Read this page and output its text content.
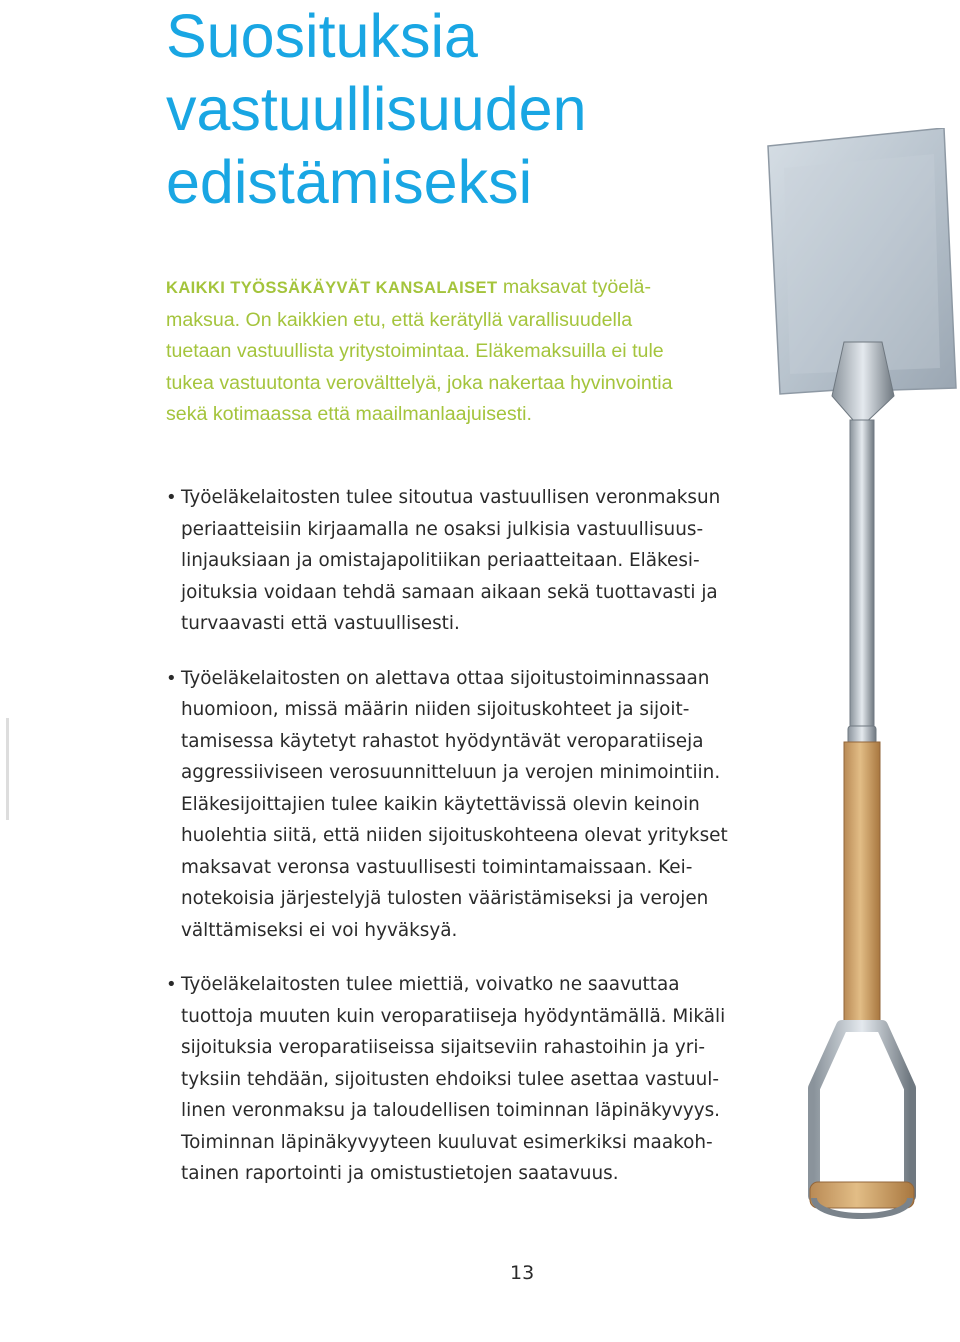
Suosituksia
vastuullisuuden
edistämiseksi
KAIKKI TYÖSSÄKÄYVÄT KANSALAISET maksavat työelä-
maksua. On kaikkien etu, että kerätyllä varallisuudella
tuetaan vastuullista yritystoimintaa. Eläkemaksuilla ei tule
tukea vastuutonta verovälttelyä, joka nakertaa hyvinvointia
sekä kotimaassa että maailmanlaajuisesti.
• Työeläkelaitosten tulee sitoutua vastuullisen veronmaksun
periaatteisiin kirjaamalla ne osaksi julkisia vastuullisuus-
linjauksiaan ja omistajapolitiikan periaatteitaan. Eläkesi-
joituksia voidaan tehdä samaan aikaan sekä tuottavasti ja
turvaavasti että vastuullisesti.
• Työeläkelaitosten on alettava ottaa sijoitustoiminnassaan
huomioon, missä määrin niiden sijoituskohteet ja sijoit-
tamisessa käytetyt rahastot hyödyntävät veroparatiiseja
aggressiiviseen verosuunnitteluun ja verojen minimointiin.
Eläkesijoittajien tulee kaikin käytettävissä olevin keinoin
huolehtia siitä, että niiden sijoituskohteena olevat yritykset
maksavat veronsa vastuullisesti toimintamaissaan. Kei-
notekoisia järjestelyjä tulosten vääristämiseksi ja verojen
välttämiseksi ei voi hyväksyä.
• Työeläkelaitosten tulee miettiä, voivatko ne saavuttaa
tuottoja muuten kuin veroparatiiseja hyödyntämällä. Mikäli
sijoituksia veroparatiiseissa sijaitseviin rahastoihin ja yri-
tyksiin tehdään, sijoitusten ehdoiksi tulee asettaa vastuul-
linen veronmaksu ja taloudellisen toiminnan läpinäkyvyys.
Toiminnan läpinäkyvyyteen kuuluvat esimerkiksi maakoh-
tainen raportointi ja omistustietojen saatavuus.
13
